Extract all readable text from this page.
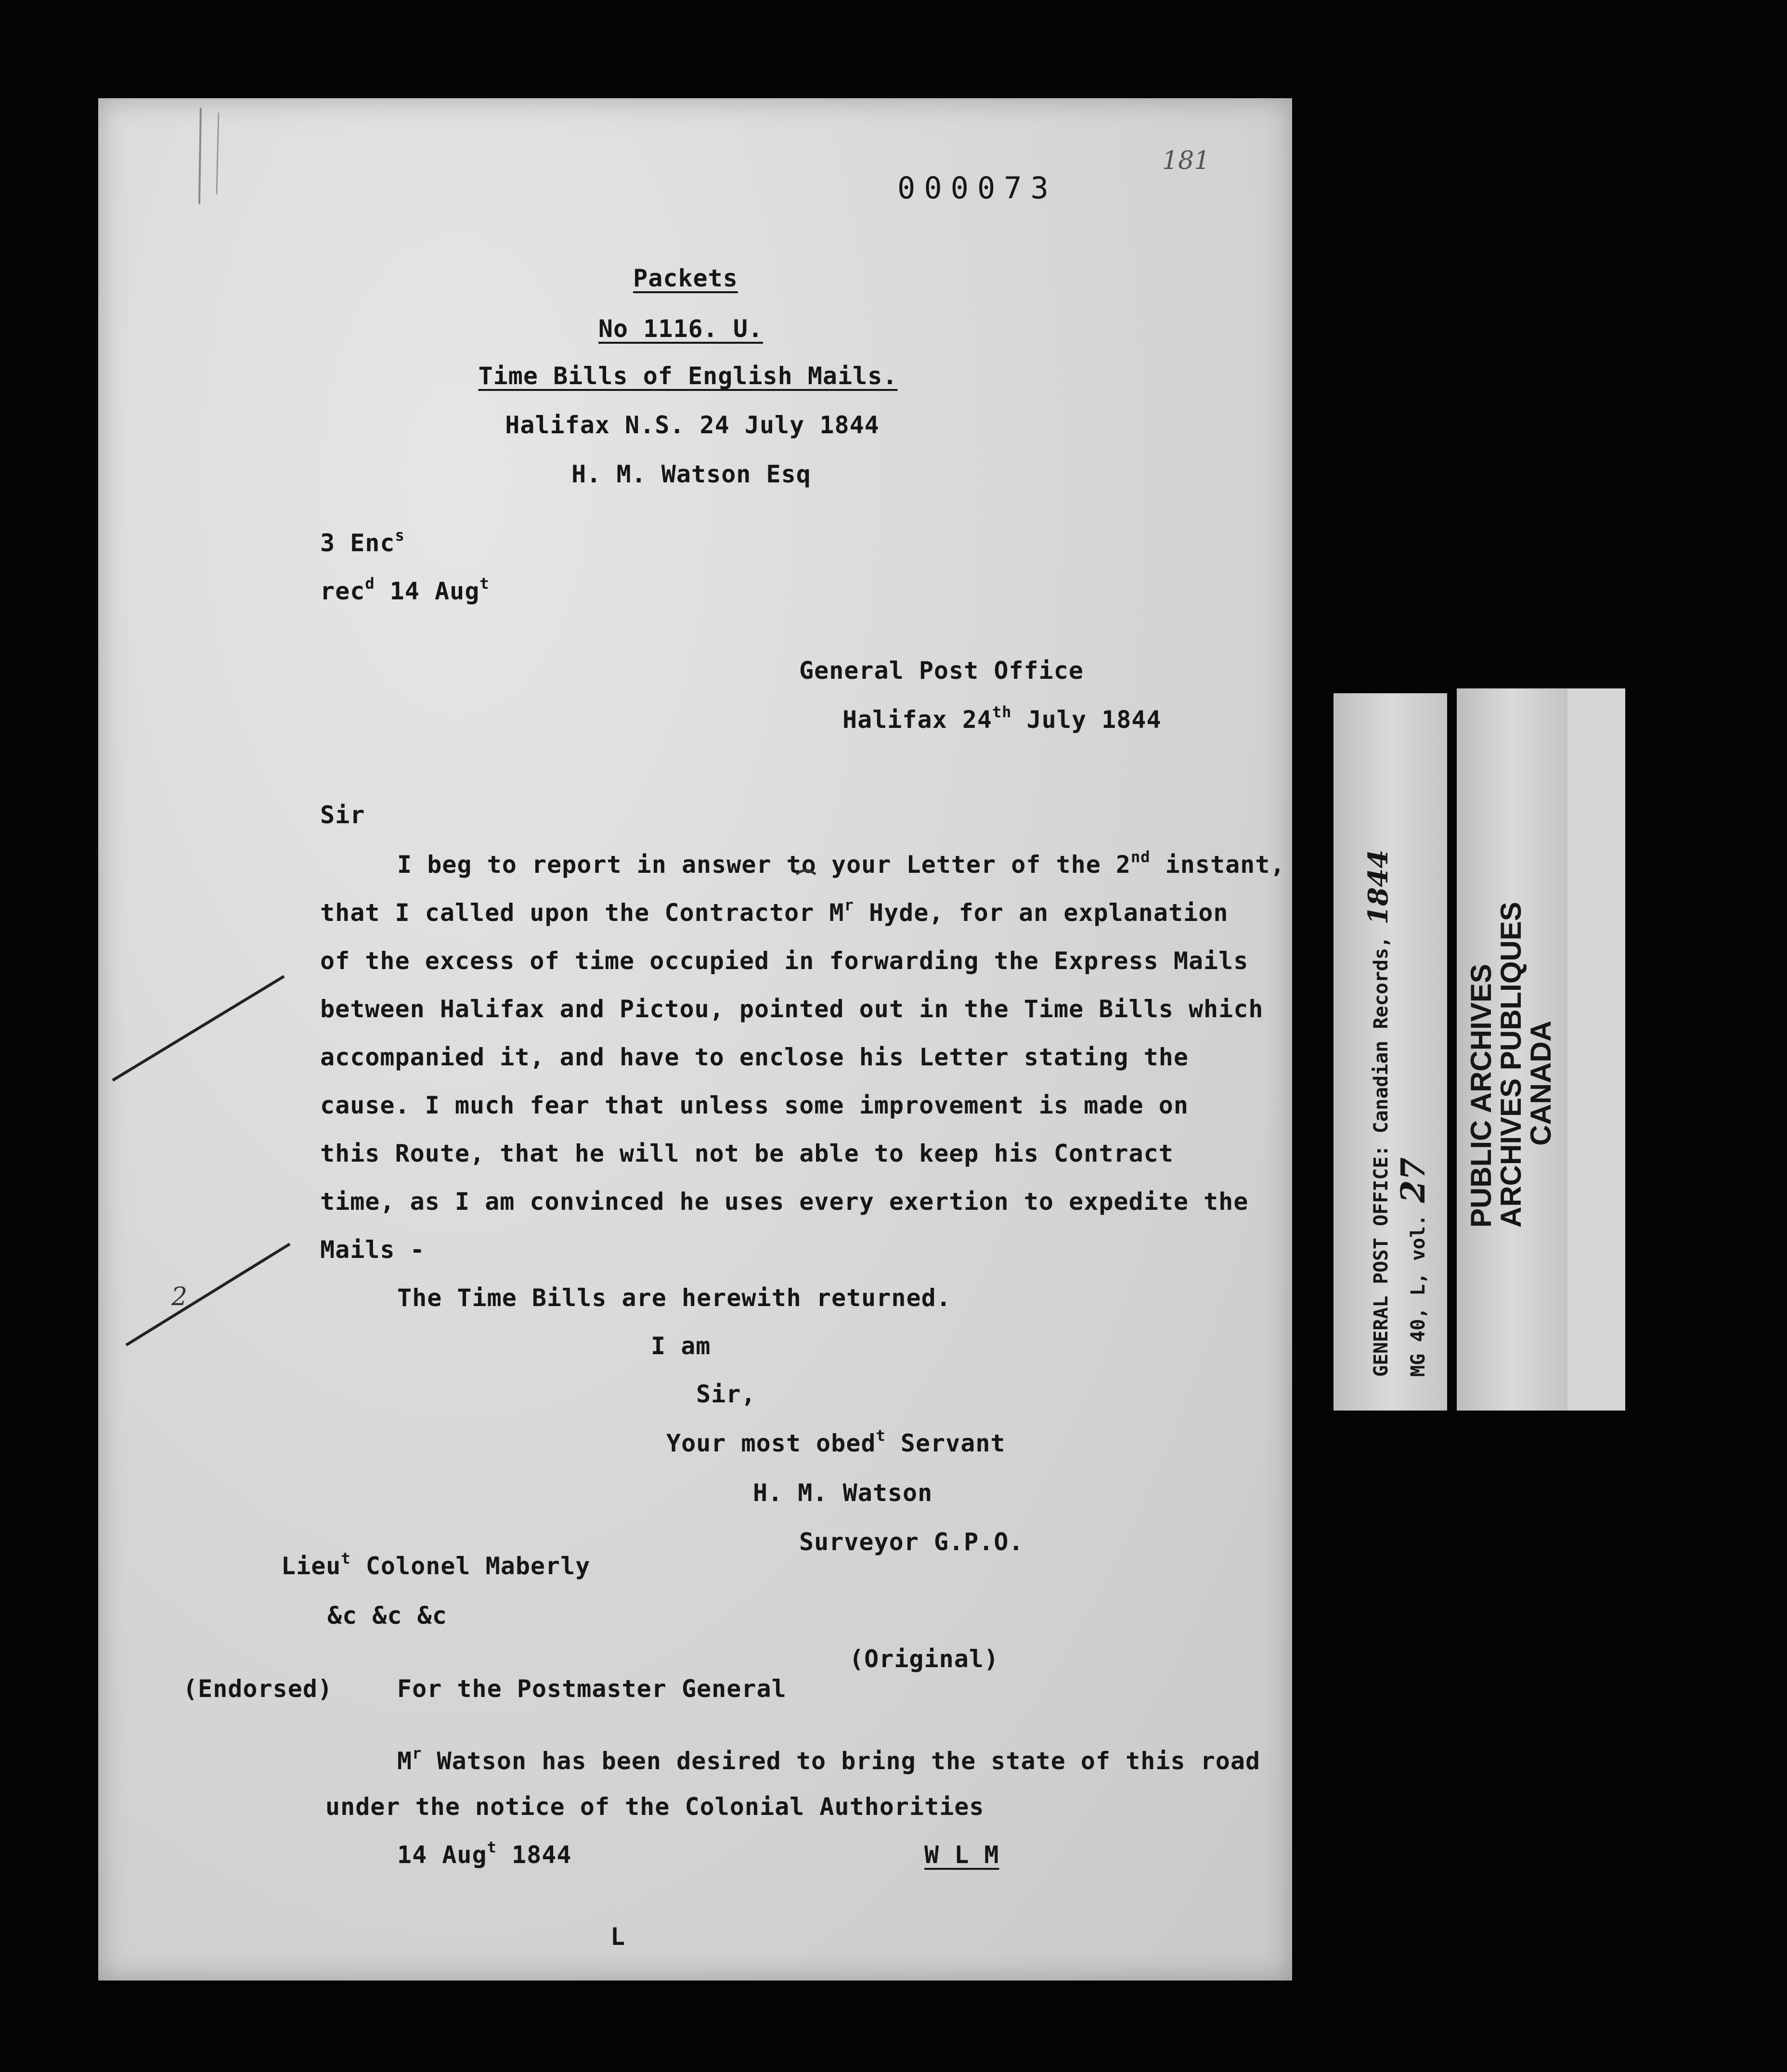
000073
181
Packets
No 1116. U.
Time Bills of English Mails.
Halifax N.S. 24 July 1844
H. M. Watson Esq
3 Enc$^s$
rec$^d$ 14 Aug$^t$
General Post Office
Halifax 24th July 1844
Sir
I beg to report in answer to your Letter of the 2nd instant,
that I called upon the Contractor $M^r$ Hyde, for an explanation
of the excess of time occupied in forwarding the Express Mails
between Halifax and Pictou, pointed out in the Time Bills which
accompanied it, and have to enclose his Letter stating the
cause. I much fear that unless some improvement is made on
this Route, that he will not be able to keep his Contract
time, as I am convinced he uses every exertion to expedite the
Mails -
The Time Bills are herewith returned.
2
I am
Sir,
Your most obed$^t$ Servant
H. M. Watson
Surveyor G.P.O.
Lieu$^t$ Colonel Maberly
&c &c &c
(Original)
(Endorsed)	For the Postmaster General
$M^r$ Watson has been desired to bring the state of this road
under the notice of the Colonial Authorities
14 Aug$^t$ 1844	W L M
L
GENERAL POST OFFICE: Canadian Records, 1844
MG 40, L, vol. 27 PUBLIC ARCHIVES
ARCHIVES PUBLIQUES
CANADA
